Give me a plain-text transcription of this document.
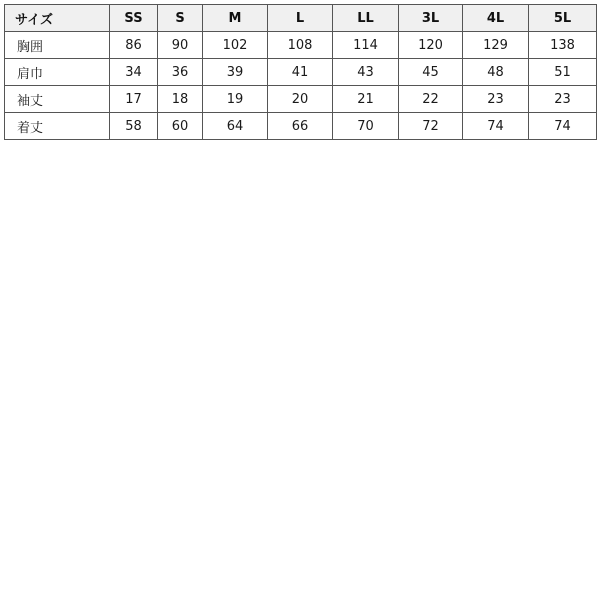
サイズ	SS	S	M	L	LL	3L	4L	5L
胸囲	86	90	102	108	114	120	129	138
肩巾	34	36	39	41	43	45	48	51
袖丈	17	18	19	20	21	22	23	23
着丈	58	60	64	66	70	72	74	74
